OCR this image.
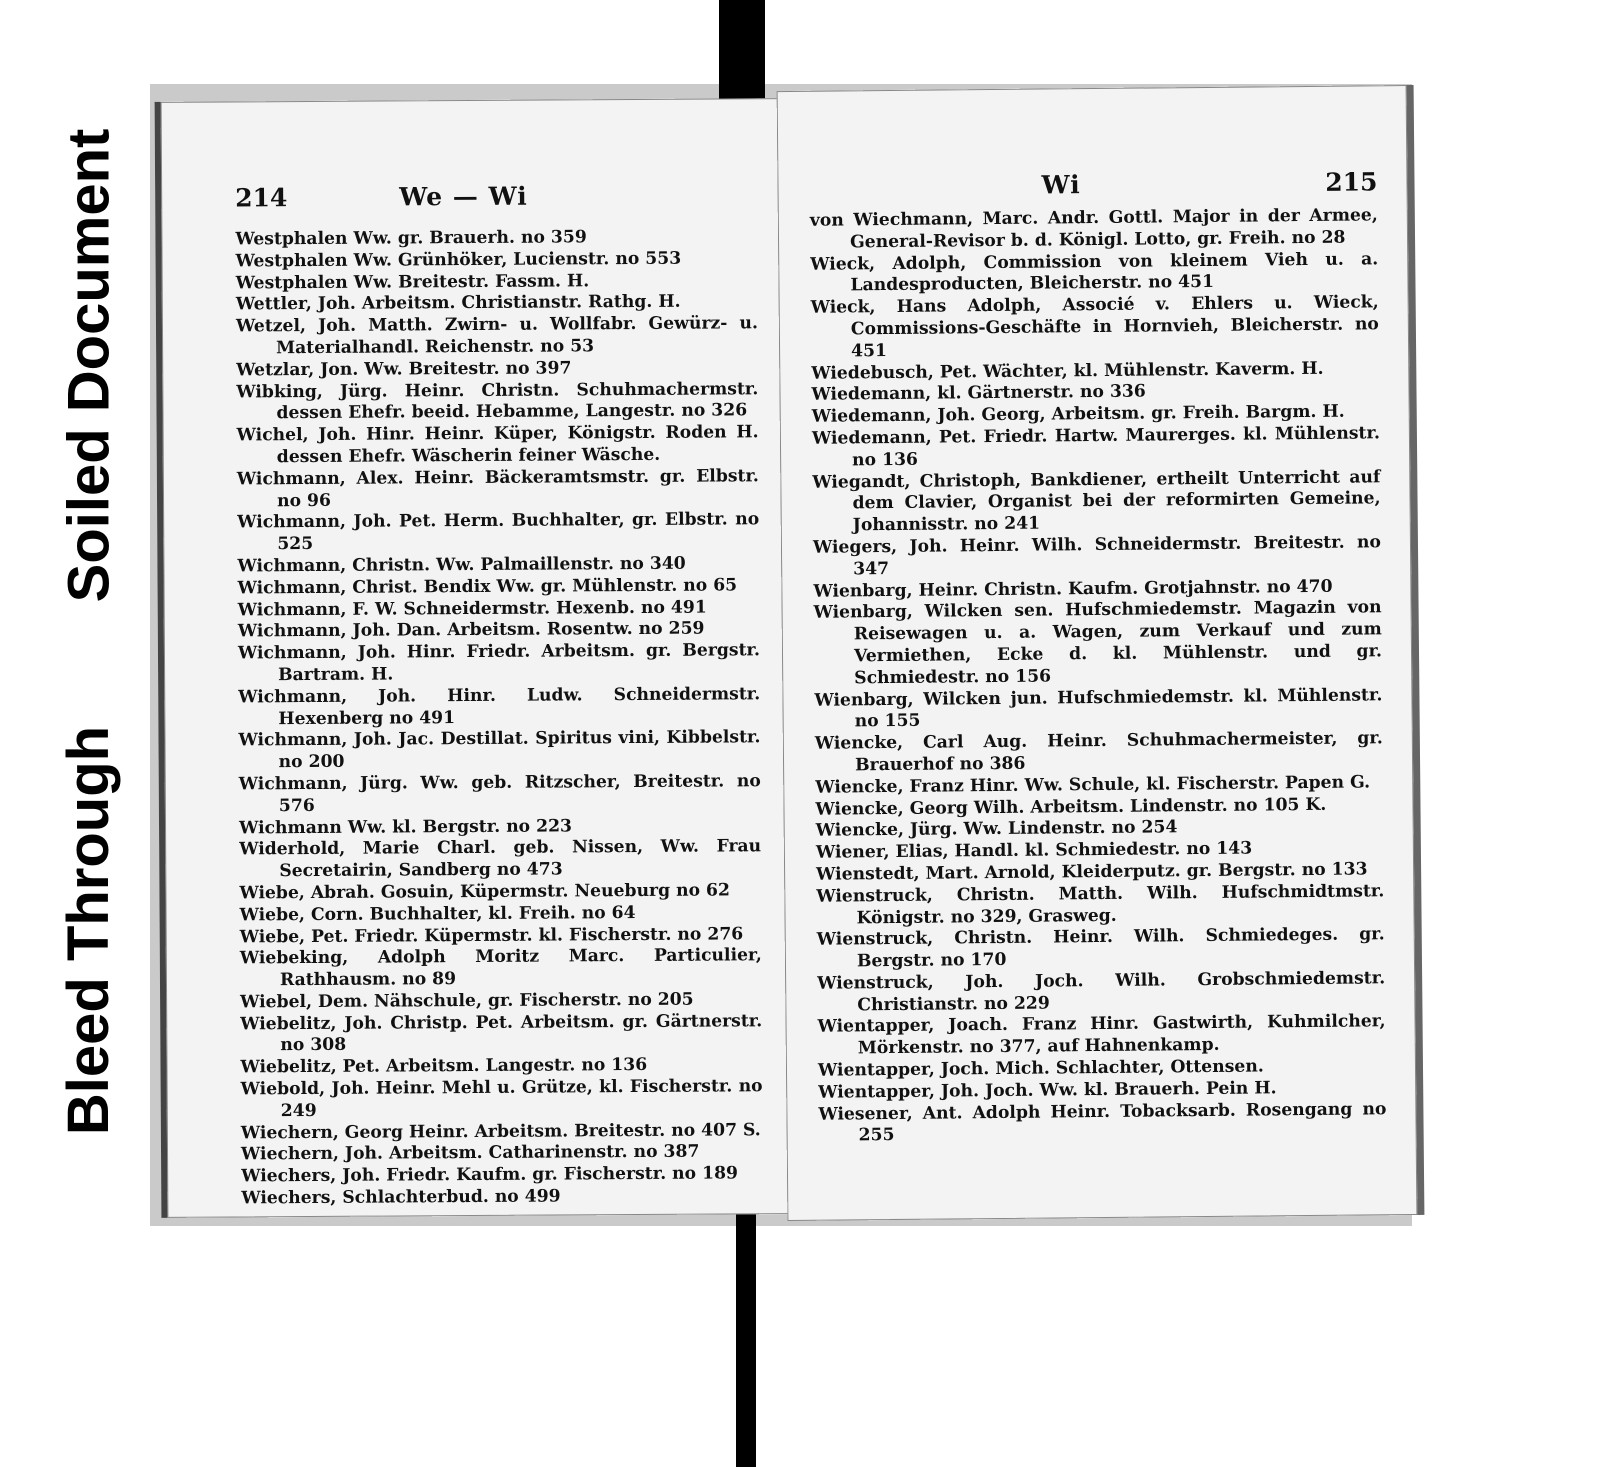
Soiled Document
Bleed Through
214	We — Wi
Westphalen Ww. gr. Brauerh. no 359
Westphalen Ww. Grünhöker, Lucienstr. no 553
Westphalen Ww. Breitestr. Fassm. H.
Wettler, Joh. Arbeitsm. Christianstr. Rathg. H.
Wetzel, Joh. Matth. Zwirn- u. Wollfabr. Gewürz- u. Materialhandl. Reichenstr. no 53
Wetzlar, Jon. Ww. Breitestr. no 397
Wibking, Jürg. Heinr. Christn. Schuhmachermstr. dessen Ehefr. beeid. Hebamme, Langestr. no 326
Wichel, Joh. Hinr. Heinr. Küper, Königstr. Roden H. dessen Ehefr. Wäscherin feiner Wäsche.
Wichmann, Alex. Heinr. Bäckeramtsmstr. gr. Elbstr. no 96
Wichmann, Joh. Pet. Herm. Buchhalter, gr. Elbstr. no 525
Wichmann, Christn. Ww. Palmaillenstr. no 340
Wichmann, Christ. Bendix Ww. gr. Mühlenstr. no 65
Wichmann, F. W. Schneidermstr. Hexenb. no 491
Wichmann, Joh. Dan. Arbeitsm. Rosentw. no 259
Wichmann, Joh. Hinr. Friedr. Arbeitsm. gr. Bergstr. Bartram. H.
Wichmann, Joh. Hinr. Ludw. Schneidermstr. Hexenberg no 491
Wichmann, Joh. Jac. Destillat. Spiritus vini, Kibbelstr. no 200
Wichmann, Jürg. Ww. geb. Ritzscher, Breitestr. no 576
Wichmann Ww. kl. Bergstr. no 223
Widerhold, Marie Charl. geb. Nissen, Ww. Frau Secretairin, Sandberg no 473
Wiebe, Abrah. Gosuin, Küpermstr. Neueburg no 62
Wiebe, Corn. Buchhalter, kl. Freih. no 64
Wiebe, Pet. Friedr. Küpermstr. kl. Fischerstr. no 276
Wiebeking, Adolph Moritz Marc. Particulier, Rathhausm. no 89
Wiebel, Dem. Nähschule, gr. Fischerstr. no 205
Wiebelitz, Joh. Christp. Pet. Arbeitsm. gr. Gärtnerstr. no 308
Wiebelitz, Pet. Arbeitsm. Langestr. no 136
Wiebold, Joh. Heinr. Mehl u. Grütze, kl. Fischerstr. no 249
Wiechern, Georg Heinr. Arbeitsm. Breitestr. no 407 S.
Wiechern, Joh. Arbeitsm. Catharinenstr. no 387
Wiechers, Joh. Friedr. Kaufm. gr. Fischerstr. no 189
Wiechers, Schlachterbud. no 499
Wi	215
von Wiechmann, Marc. Andr. Gottl. Major in der Armee, General-Revisor b. d. Königl. Lotto, gr. Freih. no 28
Wieck, Adolph, Commission von kleinem Vieh u. a. Landesproducten, Bleicherstr. no 451
Wieck, Hans Adolph, Associé v. Ehlers u. Wieck, Commissions-Geschäfte in Hornvieh, Bleicherstr. no 451
Wiedebusch, Pet. Wächter, kl. Mühlenstr. Kaverm. H.
Wiedemann, kl. Gärtnerstr. no 336
Wiedemann, Joh. Georg, Arbeitsm. gr. Freih. Bargm. H.
Wiedemann, Pet. Friedr. Hartw. Maurerges. kl. Mühlenstr. no 136
Wiegandt, Christoph, Bankdiener, ertheilt Unterricht auf dem Clavier, Organist bei der reformirten Gemeine, Johannisstr. no 241
Wiegers, Joh. Heinr. Wilh. Schneidermstr. Breitestr. no 347
Wienbarg, Heinr. Christn. Kaufm. Grotjahnstr. no 470
Wienbarg, Wilcken sen. Hufschmiedemstr. Magazin von Reisewagen u. a. Wagen, zum Verkauf und zum Vermiethen, Ecke d. kl. Mühlenstr. und gr. Schmiedestr. no 156
Wienbarg, Wilcken jun. Hufschmiedemstr. kl. Mühlenstr. no 155
Wiencke, Carl Aug. Heinr. Schuhmachermeister, gr. Brauerhof no 386
Wiencke, Franz Hinr. Ww. Schule, kl. Fischerstr. Papen G.
Wiencke, Georg Wilh. Arbeitsm. Lindenstr. no 105 K.
Wiencke, Jürg. Ww. Lindenstr. no 254
Wiener, Elias, Handl. kl. Schmiedestr. no 143
Wienstedt, Mart. Arnold, Kleiderputz. gr. Bergstr. no 133
Wienstruck, Christn. Matth. Wilh. Hufschmidtmstr. Königstr. no 329, Grasweg.
Wienstruck, Christn. Heinr. Wilh. Schmiedeges. gr. Bergstr. no 170
Wienstruck, Joh. Joch. Wilh. Grobschmiedemstr. Christianstr. no 229
Wientapper, Joach. Franz Hinr. Gastwirth, Kuhmilcher, Mörkenstr. no 377, auf Hahnenkamp.
Wientapper, Joch. Mich. Schlachter, Ottensen.
Wientapper, Joh. Joch. Ww. kl. Brauerh. Pein H.
Wiesener, Ant. Adolph Heinr. Tobacksarb. Rosengang no 255
